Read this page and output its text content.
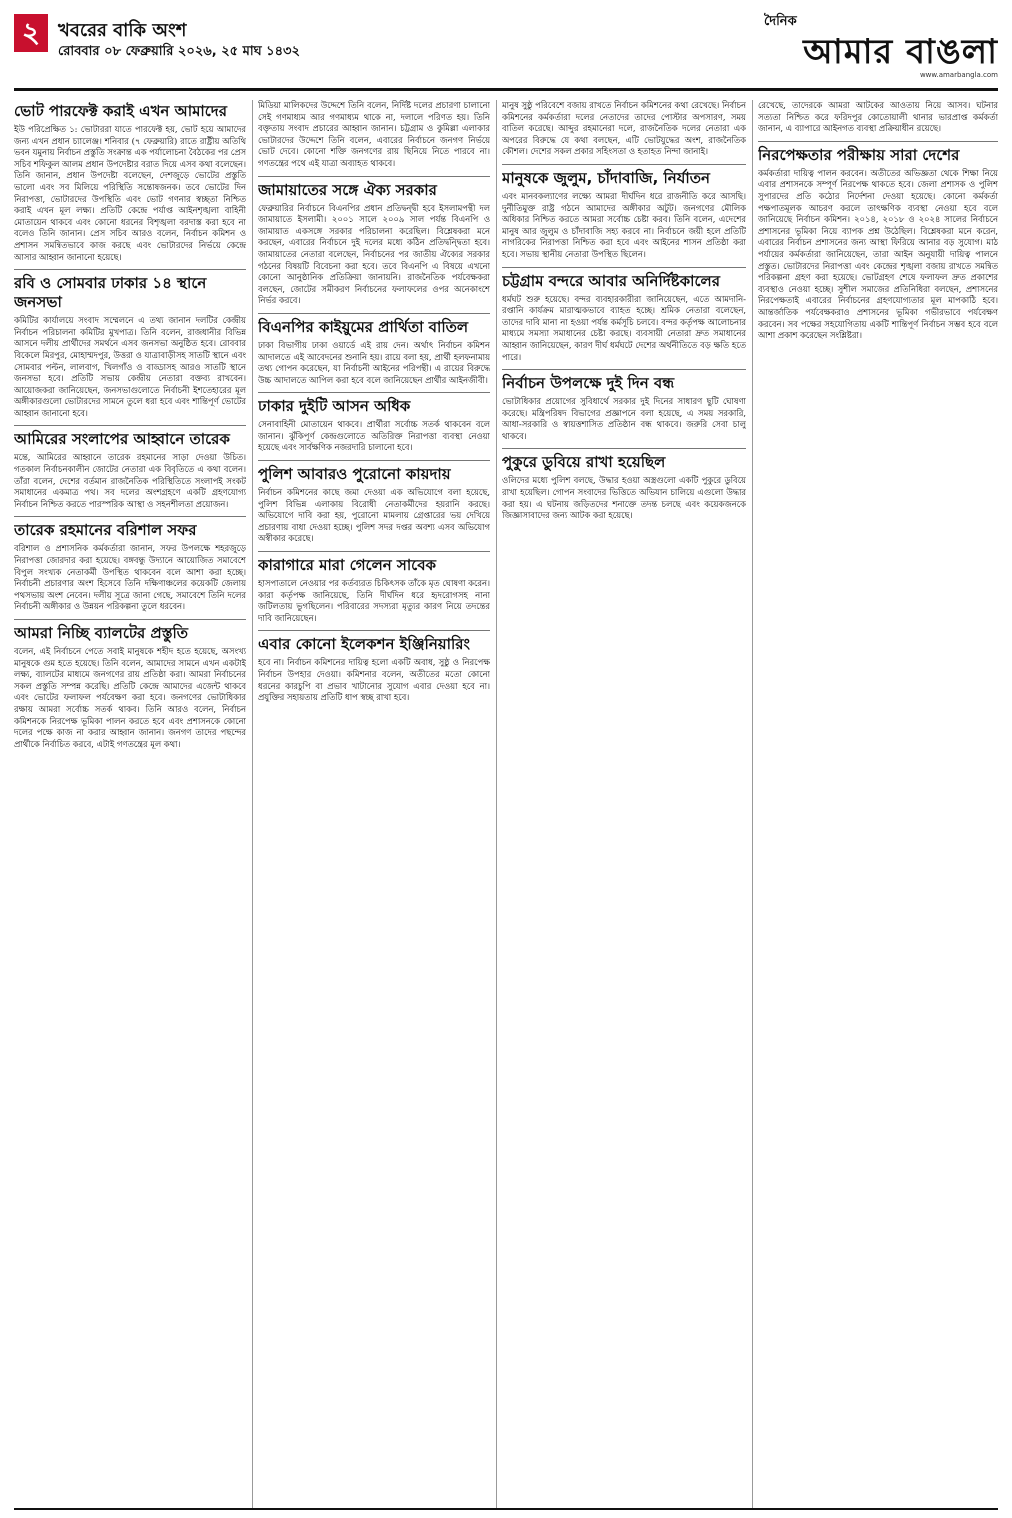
২ খবরের বাকি অংশ
রোববার ০৮ ফেব্রুয়ারি ২০২৬, ২৫ মাঘ ১৪৩২
দৈনিক
আমার বাঙলা
www.amarbangla.com
ভোট পারফেক্ট করাই এখন আমাদের
ইউ পরিপ্রেক্ষিত ১: ভোটাররা যাতে পারফেক্ট হয়, ভোট হয়ে আমাদের জন্য এখন প্রধান চ্যালেঞ্জ। শনিবার (৭ ফেব্রুয়ারি) রাতে রাষ্ট্রীয় অতিথি ভবন যমুনায় নির্বাচন প্রস্তুতি সংক্রান্ত এক পর্যালোচনা বৈঠকের পর প্রেস সচিব শফিকুল আলম প্রধান উপদেষ্টার বরাত দিয়ে এসব কথা বলেছেন। তিনি জানান, প্রধান উপদেষ্টা বলেছেন, দেশজুড়ে ভোটের প্রস্তুতি ভালো এবং সব মিলিয়ে পরিস্থিতি সন্তোষজনক। তবে ভোটের দিন নিরাপত্তা, ভোটারদের উপস্থিতি এবং ভোট গণনার স্বচ্ছতা নিশ্চিত করাই এখন মূল লক্ষ্য। প্রতিটি কেন্দ্রে পর্যাপ্ত আইনশৃঙ্খলা বাহিনী মোতায়েন থাকবে এবং কোনো ধরনের বিশৃঙ্খলা বরদাস্ত করা হবে না বলেও তিনি জানান। প্রেস সচিব আরও বলেন, নির্বাচন কমিশন ও প্রশাসন সমন্বিতভাবে কাজ করছে এবং ভোটারদের নির্ভয়ে কেন্দ্রে আসার আহ্বান জানানো হয়েছে।
রবি ও সোমবার ঢাকার ১৪ স্থানে জনসভা
কমিটির কার্যালয়ে সংবাদ সম্মেলনে এ তথ্য জানান দলটির কেন্দ্রীয় নির্বাচন পরিচালনা কমিটির মুখপাত্র। তিনি বলেন, রাজধানীর বিভিন্ন আসনে দলীয় প্রার্থীদের সমর্থনে এসব জনসভা অনুষ্ঠিত হবে। রোববার বিকেলে মিরপুর, মোহাম্মদপুর, উত্তরা ও যাত্রাবাড়ীসহ সাতটি স্থানে এবং সোমবার পল্টন, লালবাগ, খিলগাঁও ও বাড্ডাসহ আরও সাতটি স্থানে জনসভা হবে। প্রতিটি সভায় কেন্দ্রীয় নেতারা বক্তব্য রাখবেন। আয়োজকরা জানিয়েছেন, জনসভাগুলোতে নির্বাচনী ইশতেহারের মূল অঙ্গীকারগুলো ভোটারদের সামনে তুলে ধরা হবে এবং শান্তিপূর্ণ ভোটের আহ্বান জানানো হবে।
আমিরের সংলাপের আহ্বানে তারেক
মন্তে, আমিরের আহ্বানে তারেক রহমানের সাড়া দেওয়া উচিত। গতকাল নির্বাচনকালীন জোটের নেতারা এক বিবৃতিতে এ কথা বলেন। তাঁরা বলেন, দেশের বর্তমান রাজনৈতিক পরিস্থিতিতে সংলাপই সংকট সমাধানের একমাত্র পথ। সব দলের অংশগ্রহণে একটি গ্রহণযোগ্য নির্বাচন নিশ্চিত করতে পারস্পরিক আস্থা ও সহনশীলতা প্রয়োজন।
তারেক রহমানের বরিশাল সফর
বরিশাল ও প্রশাসনিক কর্মকর্তারা জানান, সফর উপলক্ষে শহরজুড়ে নিরাপত্তা জোরদার করা হয়েছে। বঙ্গবন্ধু উদ্যানে আয়োজিত সমাবেশে বিপুল সংখ্যক নেতাকর্মী উপস্থিত থাকবেন বলে আশা করা হচ্ছে। নির্বাচনী প্রচারণার অংশ হিসেবে তিনি দক্ষিণাঞ্চলের কয়েকটি জেলায় পথসভায় অংশ নেবেন। দলীয় সূত্রে জানা গেছে, সমাবেশে তিনি দলের নির্বাচনী অঙ্গীকার ও উন্নয়ন পরিকল্পনা তুলে ধরবেন।
আমরা নিচ্ছি ব্যালটের প্রস্তুতি
বলেন, এই নির্বাচনে পেতে সবাই মানুষকে শহীদ হতে হয়েছে, অসংখ্য মানুষকে গুম হতে হয়েছে। তিনি বলেন, আমাদের সামনে এখন একটাই লক্ষ্য, ব্যালটের মাধ্যমে জনগণের রায় প্রতিষ্ঠা করা। আমরা নির্বাচনের সকল প্রস্তুতি সম্পন্ন করেছি। প্রতিটি কেন্দ্রে আমাদের এজেন্ট থাকবে এবং ভোটের ফলাফল পর্যবেক্ষণ করা হবে। জনগণের ভোটাধিকার রক্ষায় আমরা সর্বোচ্চ সতর্ক থাকব। তিনি আরও বলেন, নির্বাচন কমিশনকে নিরপেক্ষ ভূমিকা পালন করতে হবে এবং প্রশাসনকে কোনো দলের পক্ষে কাজ না করার আহ্বান জানান। জনগণ তাদের পছন্দের প্রার্থীকে নির্বাচিত করবে, এটাই গণতন্ত্রের মূল কথা।
মিডিয়া মালিকদের উদ্দেশে তিনি বলেন, নির্দিষ্ট দলের প্রচারণা চালানো সেই গণমাধ্যম আর গণমাধ্যম থাকে না, দলালে পরিণত হয়। তিনি বক্তৃতায় সংবাদ প্রচারের আহ্বান জানান। চট্টগ্রাম ও কুমিল্লা এলাকার ভোটারদের উদ্দেশে তিনি বলেন, এবারের নির্বাচনে জনগণ নির্ভয়ে ভোট দেবে। কোনো শক্তি জনগণের রায় ছিনিয়ে নিতে পারবে না। গণতন্ত্রের পথে এই যাত্রা অব্যাহত থাকবে।
জামায়াতের সঙ্গে ঐক্য সরকার
ফেব্রুয়ারির নির্বাচনে বিএনপির প্রধান প্রতিদ্বন্দ্বী হবে ইসলামপন্থী দল জামায়াতে ইসলামী। ২০০১ সালে ২০০৯ সাল পর্যন্ত বিএনপি ও জামায়াত একসঙ্গে সরকার পরিচালনা করেছিল। বিশ্লেষকরা মনে করছেন, এবারের নির্বাচনে দুই দলের মধ্যে কঠিন প্রতিদ্বন্দ্বিতা হবে। জামায়াতের নেতারা বলেছেন, নির্বাচনের পর জাতীয় ঐক্যের সরকার গঠনের বিষয়টি বিবেচনা করা হবে। তবে বিএনপি এ বিষয়ে এখনো কোনো আনুষ্ঠানিক প্রতিক্রিয়া জানায়নি। রাজনৈতিক পর্যবেক্ষকরা বলছেন, জোটের সমীকরণ নির্বাচনের ফলাফলের ওপর অনেকাংশে নির্ভর করবে।
বিএনপির কাইয়ুমের প্রার্থিতা বাতিল
ঢাকা বিভাগীয় ঢাকা ওয়ার্ডে এই রায় দেন। অর্থাৎ নির্বাচন কমিশন আদালতে এই আবেদনের শুনানি হয়। রায়ে বলা হয়, প্রার্থী হলফনামায় তথ্য গোপন করেছেন, যা নির্বাচনী আইনের পরিপন্থী। এ রায়ের বিরুদ্ধে উচ্চ আদালতে আপিল করা হবে বলে জানিয়েছেন প্রার্থীর আইনজীবী।
ঢাকার দুইটি আসন অধিক
সেনাবাহিনী মোতায়েন থাকবে। প্রার্থীরা সর্বোচ্চ সতর্ক থাকবেন বলে জানান। ঝুঁকিপূর্ণ কেন্দ্রগুলোতে অতিরিক্ত নিরাপত্তা ব্যবস্থা নেওয়া হয়েছে এবং সার্বক্ষণিক নজরদারি চালানো হবে।
পুলিশ আবারও পুরোনো কায়দায়
নির্বাচন কমিশনের কাছে জমা দেওয়া এক অভিযোগে বলা হয়েছে, পুলিশ বিভিন্ন এলাকায় বিরোধী নেতাকর্মীদের হয়রানি করছে। অভিযোগে দাবি করা হয়, পুরোনো মামলায় গ্রেপ্তারের ভয় দেখিয়ে প্রচারণায় বাধা দেওয়া হচ্ছে। পুলিশ সদর দপ্তর অবশ্য এসব অভিযোগ অস্বীকার করেছে।
কারাগারে মারা গেলেন সাবেক
হাসপাতালে নেওয়ার পর কর্তব্যরত চিকিৎসক তাঁকে মৃত ঘোষণা করেন। কারা কর্তৃপক্ষ জানিয়েছে, তিনি দীর্ঘদিন ধরে হৃদরোগসহ নানা জটিলতায় ভুগছিলেন। পরিবারের সদস্যরা মৃত্যুর কারণ নিয়ে তদন্তের দাবি জানিয়েছেন।
এবার কোনো ইলেকশন ইঞ্জিনিয়ারিং
হবে না। নির্বাচন কমিশনের দায়িত্ব হলো একটি অবাধ, সুষ্ঠু ও নিরপেক্ষ নির্বাচন উপহার দেওয়া। কমিশনার বলেন, অতীতের মতো কোনো ধরনের কারচুপি বা প্রভাব খাটানোর সুযোগ এবার দেওয়া হবে না। প্রযুক্তির সহায়তায় প্রতিটি ধাপ স্বচ্ছ রাখা হবে।
মানুষ সুষ্ঠু পরিবেশে বজায় রাখতে নির্বাচন কমিশনের কথা রেখেছে। নির্বাচন কমিশনের কর্মকর্তারা দলের নেতাদের তাদের পোস্টার অপসারণ, সময় বাতিল করেছে। আব্দুর রহমানেরা দলে, রাজনৈতিক দলের নেতারা এক অপরের বিরুদ্ধে যে কথা বলছেন, এটি ভোটযুদ্ধের অংশ, রাজনৈতিক কৌশল। দেশের সকল প্রকার সহিংসতা ও হতাহত নিন্দা জানাই।
মানুষকে জুলুম, চাঁদাবাজি, নির্যাতন
এবং মানবকল্যাণের লক্ষ্যে আমরা দীর্ঘদিন ধরে রাজনীতি করে আসছি। দুর্নীতিমুক্ত রাষ্ট্র গঠনে আমাদের অঙ্গীকার অটুট। জনগণের মৌলিক অধিকার নিশ্চিত করতে আমরা সর্বোচ্চ চেষ্টা করব। তিনি বলেন, এদেশের মানুষ আর জুলুম ও চাঁদাবাজি সহ্য করবে না। নির্বাচনে জয়ী হলে প্রতিটি নাগরিকের নিরাপত্তা নিশ্চিত করা হবে এবং আইনের শাসন প্রতিষ্ঠা করা হবে। সভায় স্থানীয় নেতারা উপস্থিত ছিলেন।
চট্টগ্রাম বন্দরে আবার অনির্দিষ্টকালের
ধর্মঘট শুরু হয়েছে। বন্দর ব্যবহারকারীরা জানিয়েছেন, এতে আমদানি-রপ্তানি কার্যক্রম মারাত্মকভাবে ব্যাহত হচ্ছে। শ্রমিক নেতারা বলেছেন, তাদের দাবি মানা না হওয়া পর্যন্ত কর্মসূচি চলবে। বন্দর কর্তৃপক্ষ আলোচনার মাধ্যমে সমস্যা সমাধানের চেষ্টা করছে। ব্যবসায়ী নেতারা দ্রুত সমাধানের আহ্বান জানিয়েছেন, কারণ দীর্ঘ ধর্মঘটে দেশের অর্থনীতিতে বড় ক্ষতি হতে পারে।
নির্বাচন উপলক্ষে দুই দিন বন্ধ
ভোটাধিকার প্রয়োগের সুবিধার্থে সরকার দুই দিনের সাধারণ ছুটি ঘোষণা করেছে। মন্ত্রিপরিষদ বিভাগের প্রজ্ঞাপনে বলা হয়েছে, এ সময় সরকারি, আধা-সরকারি ও স্বায়ত্তশাসিত প্রতিষ্ঠান বন্ধ থাকবে। জরুরি সেবা চালু থাকবে।
পুকুরে ডুবিয়ে রাখা হয়েছিল
ওলিদের মধ্যে পুলিশ বলছে, উদ্ধার হওয়া অস্ত্রগুলো একটি পুকুরে ডুবিয়ে রাখা হয়েছিল। গোপন সংবাদের ভিত্তিতে অভিযান চালিয়ে এগুলো উদ্ধার করা হয়। এ ঘটনায় জড়িতদের শনাক্তে তদন্ত চলছে এবং কয়েকজনকে জিজ্ঞাসাবাদের জন্য আটক করা হয়েছে।
রেখেছে, তাদেরকে আমরা আটকের আওতায় নিয়ে আসব। ঘটনার সত্যতা নিশ্চিত করে ফরিদপুর কোতোয়ালী থানার ভারপ্রাপ্ত কর্মকর্তা জানান, এ ব্যাপারে আইনগত ব্যবস্থা প্রক্রিয়াধীন রয়েছে।
নিরপেক্ষতার পরীক্ষায় সারা দেশের
কর্মকর্তারা দায়িত্ব পালন করবেন। অতীতের অভিজ্ঞতা থেকে শিক্ষা নিয়ে এবার প্রশাসনকে সম্পূর্ণ নিরপেক্ষ থাকতে হবে। জেলা প্রশাসক ও পুলিশ সুপারদের প্রতি কঠোর নির্দেশনা দেওয়া হয়েছে। কোনো কর্মকর্তা পক্ষপাতমূলক আচরণ করলে তাৎক্ষণিক ব্যবস্থা নেওয়া হবে বলে জানিয়েছে নির্বাচন কমিশন। ২০১৪, ২০১৮ ও ২০২৪ সালের নির্বাচনে প্রশাসনের ভূমিকা নিয়ে ব্যাপক প্রশ্ন উঠেছিল। বিশ্লেষকরা মনে করেন, এবারের নির্বাচন প্রশাসনের জন্য আস্থা ফিরিয়ে আনার বড় সুযোগ। মাঠ পর্যায়ের কর্মকর্তারা জানিয়েছেন, তারা আইন অনুযায়ী দায়িত্ব পালনে প্রস্তুত। ভোটারদের নিরাপত্তা এবং কেন্দ্রের শৃঙ্খলা বজায় রাখতে সমন্বিত পরিকল্পনা গ্রহণ করা হয়েছে। ভোটগ্রহণ শেষে ফলাফল দ্রুত প্রকাশের ব্যবস্থাও নেওয়া হচ্ছে। সুশীল সমাজের প্রতিনিধিরা বলছেন, প্রশাসনের নিরপেক্ষতাই এবারের নির্বাচনের গ্রহণযোগ্যতার মূল মাপকাঠি হবে। আন্তর্জাতিক পর্যবেক্ষকরাও প্রশাসনের ভূমিকা গভীরভাবে পর্যবেক্ষণ করবেন। সব পক্ষের সহযোগিতায় একটি শান্তিপূর্ণ নির্বাচন সম্ভব হবে বলে আশা প্রকাশ করেছেন সংশ্লিষ্টরা।
